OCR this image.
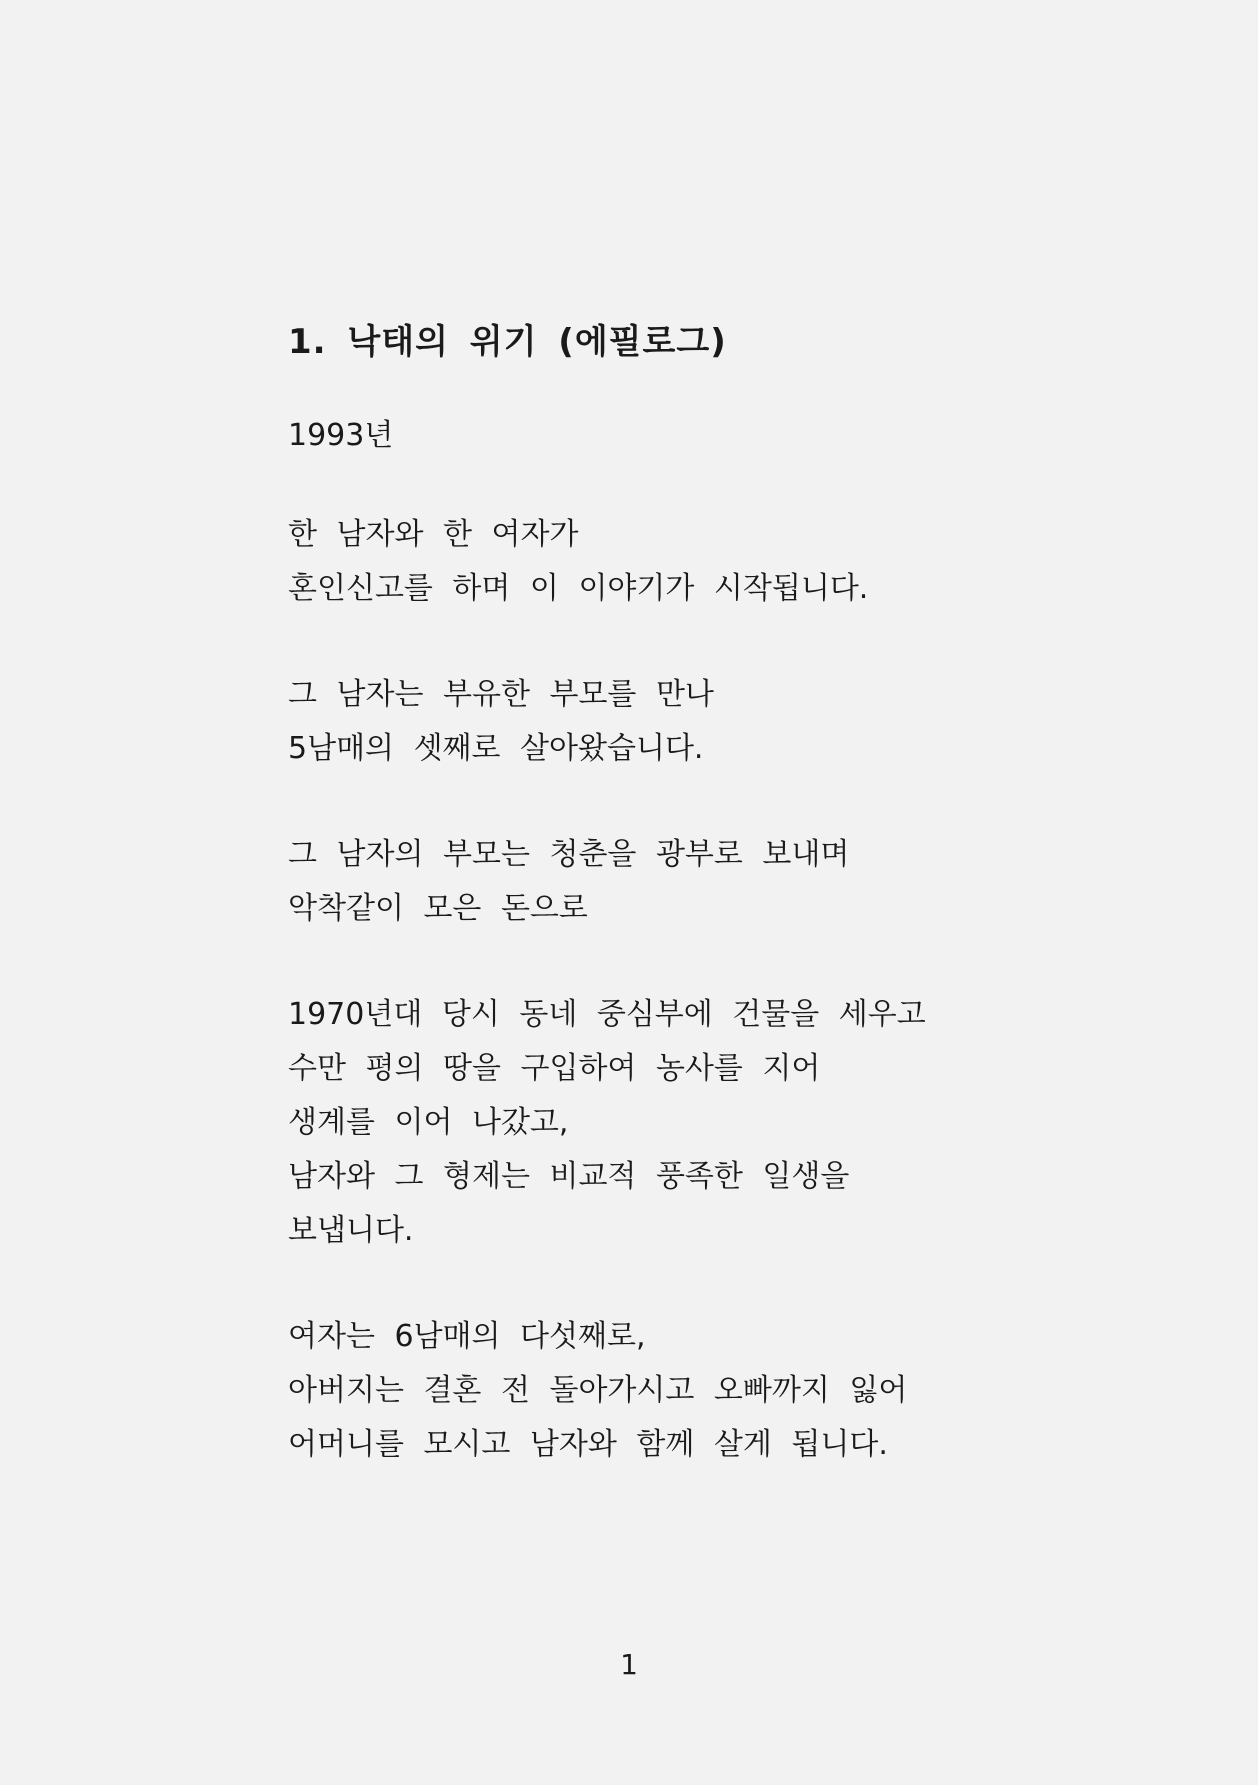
1. 낙태의 위기 (에필로그)

1993년

한 남자와 한 여자가
혼인신고를 하며 이 이야기가 시작됩니다.

그 남자는 부유한 부모를 만나
5남매의 셋째로 살아왔습니다.

그 남자의 부모는 청춘을 광부로 보내며
악착같이 모은 돈으로

1970년대 당시 동네 중심부에 건물을 세우고
수만 평의 땅을 구입하여 농사를 지어
생계를 이어 나갔고,
남자와 그 형제는 비교적 풍족한 일생을
보냅니다.

여자는 6남매의 다섯째로,
아버지는 결혼 전 돌아가시고 오빠까지 잃어
어머니를 모시고 남자와 함께 살게 됩니다.

1
